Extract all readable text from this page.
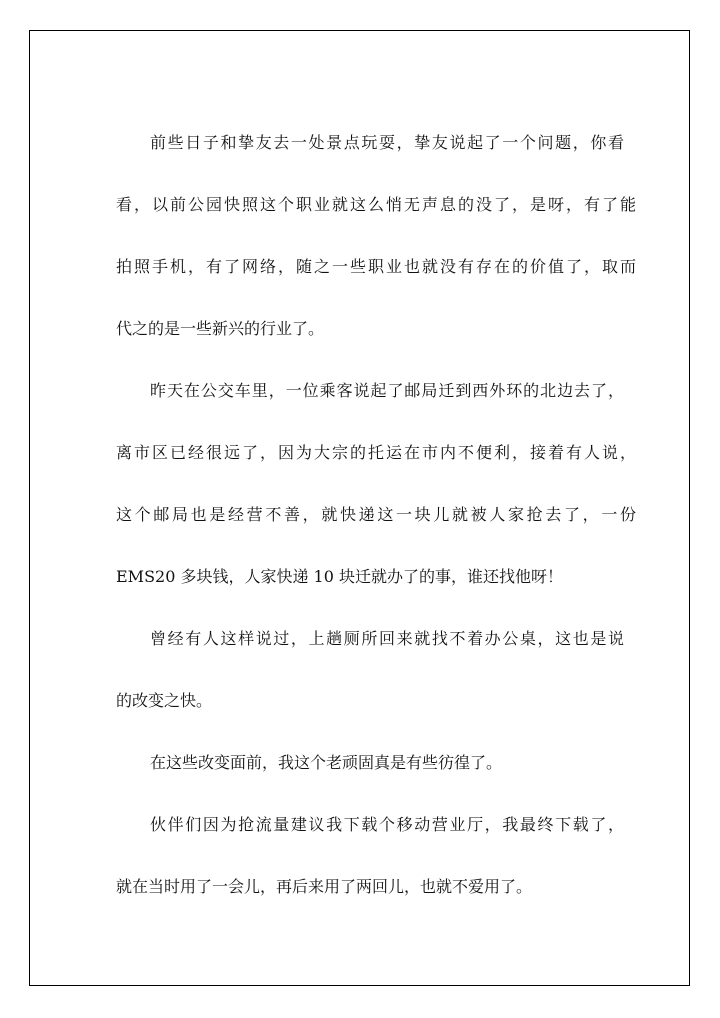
前些日子和挚友去一处景点玩耍，挚友说起了一个问题，你看
看，以前公园快照这个职业就这么悄无声息的没了，是呀，有了能
拍照手机，有了网络，随之一些职业也就没有存在的价值了，取而
代之的是一些新兴的行业了。
昨天在公交车里，一位乘客说起了邮局迁到西外环的北边去了，
离市区已经很远了，因为大宗的托运在市内不便利，接着有人说，
这个邮局也是经营不善，就快递这一块儿就被人家抢去了，一份
EMS20 多块钱，人家快递 10 块迁就办了的事，谁还找他呀！
曾经有人这样说过，上趟厕所回来就找不着办公桌，这也是说
的改变之快。
在这些改变面前，我这个老顽固真是有些彷徨了。
伙伴们因为抢流量建议我下载个移动营业厅，我最终下载了，
就在当时用了一会儿，再后来用了两回儿，也就不爱用了。
